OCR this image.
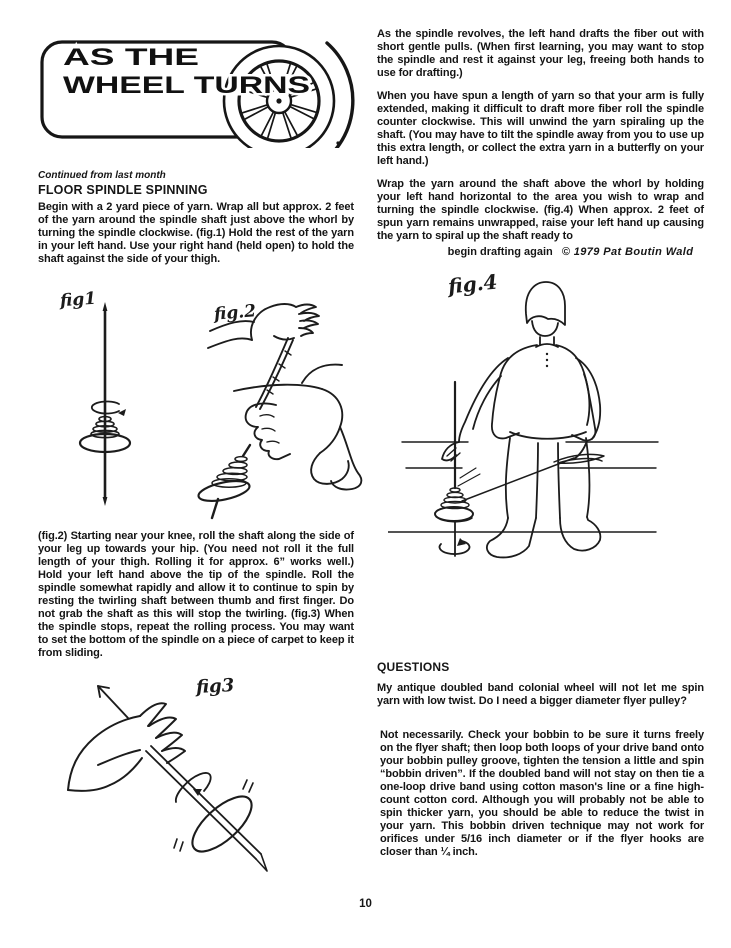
AS THE
WHEEL TURNS
Continued from last month
FLOOR SPINDLE SPINNING
Begin with a 2 yard piece of yarn. Wrap all but approx. 2 feet of the yarn around the spindle shaft just above the whorl by turning the spindle clockwise. (fig.1) Hold the rest of the yarn in your left hand. Use your right hand (held open) to hold the shaft against the side of your thigh.
fig1
fig.2
(fig.2) Starting near your knee, roll the shaft along the side of your leg up towards your hip. (You need not roll it the full length of your thigh. Rolling it for approx. 6” works well.) Hold your left hand above the tip of the spindle. Roll the spindle somewhat rapidly and allow it to continue to spin by resting the twirling shaft between thumb and first finger. Do not grab the shaft as this will stop the twirling. (fig.3) When the spindle stops, repeat the rolling process. You may want to set the bottom of the spindle on a piece of carpet to keep it from sliding.
fig3
As the spindle revolves, the left hand drafts the fiber out with short gentle pulls. (When first learning, you may want to stop the spindle and rest it against your leg, freeing both hands to use for drafting.)
When you have spun a length of yarn so that your arm is fully extended, making it difficult to draft more fiber roll the spindle counter clockwise. This will unwind the yarn spiraling up the shaft. (You may have to tilt the spindle away from you to use up this extra length, or collect the extra yarn in a butterfly on your left hand.)
Wrap the yarn around the shaft above the whorl by holding your left hand horizontal to the area you wish to wrap and turning the spindle clockwise. (fig.4) When approx. 2 feet of spun yarn remains unwrapped, raise your left hand up causing the yarn to spiral up the shaft ready to
begin drafting again © 1979 Pat Boutin Wald
fig.4
QUESTIONS
My antique doubled band colonial wheel will not let me spin yarn with low twist. Do I need a bigger diameter flyer pulley?
Not necessarily. Check your bobbin to be sure it turns freely on the flyer shaft; then loop both loops of your drive band onto your bobbin pulley groove, tighten the tension a little and spin “bobbin driven”. If the doubled band will not stay on then tie a one-loop drive band using cotton mason's line or a fine high-count cotton cord. Although you will probably not be able to spin thicker yarn, you should be able to reduce the twist in your yarn. This bobbin driven technique may not work for orifices under 5/16 inch diameter or if the flyer hooks are closer than ¼ inch.
10
